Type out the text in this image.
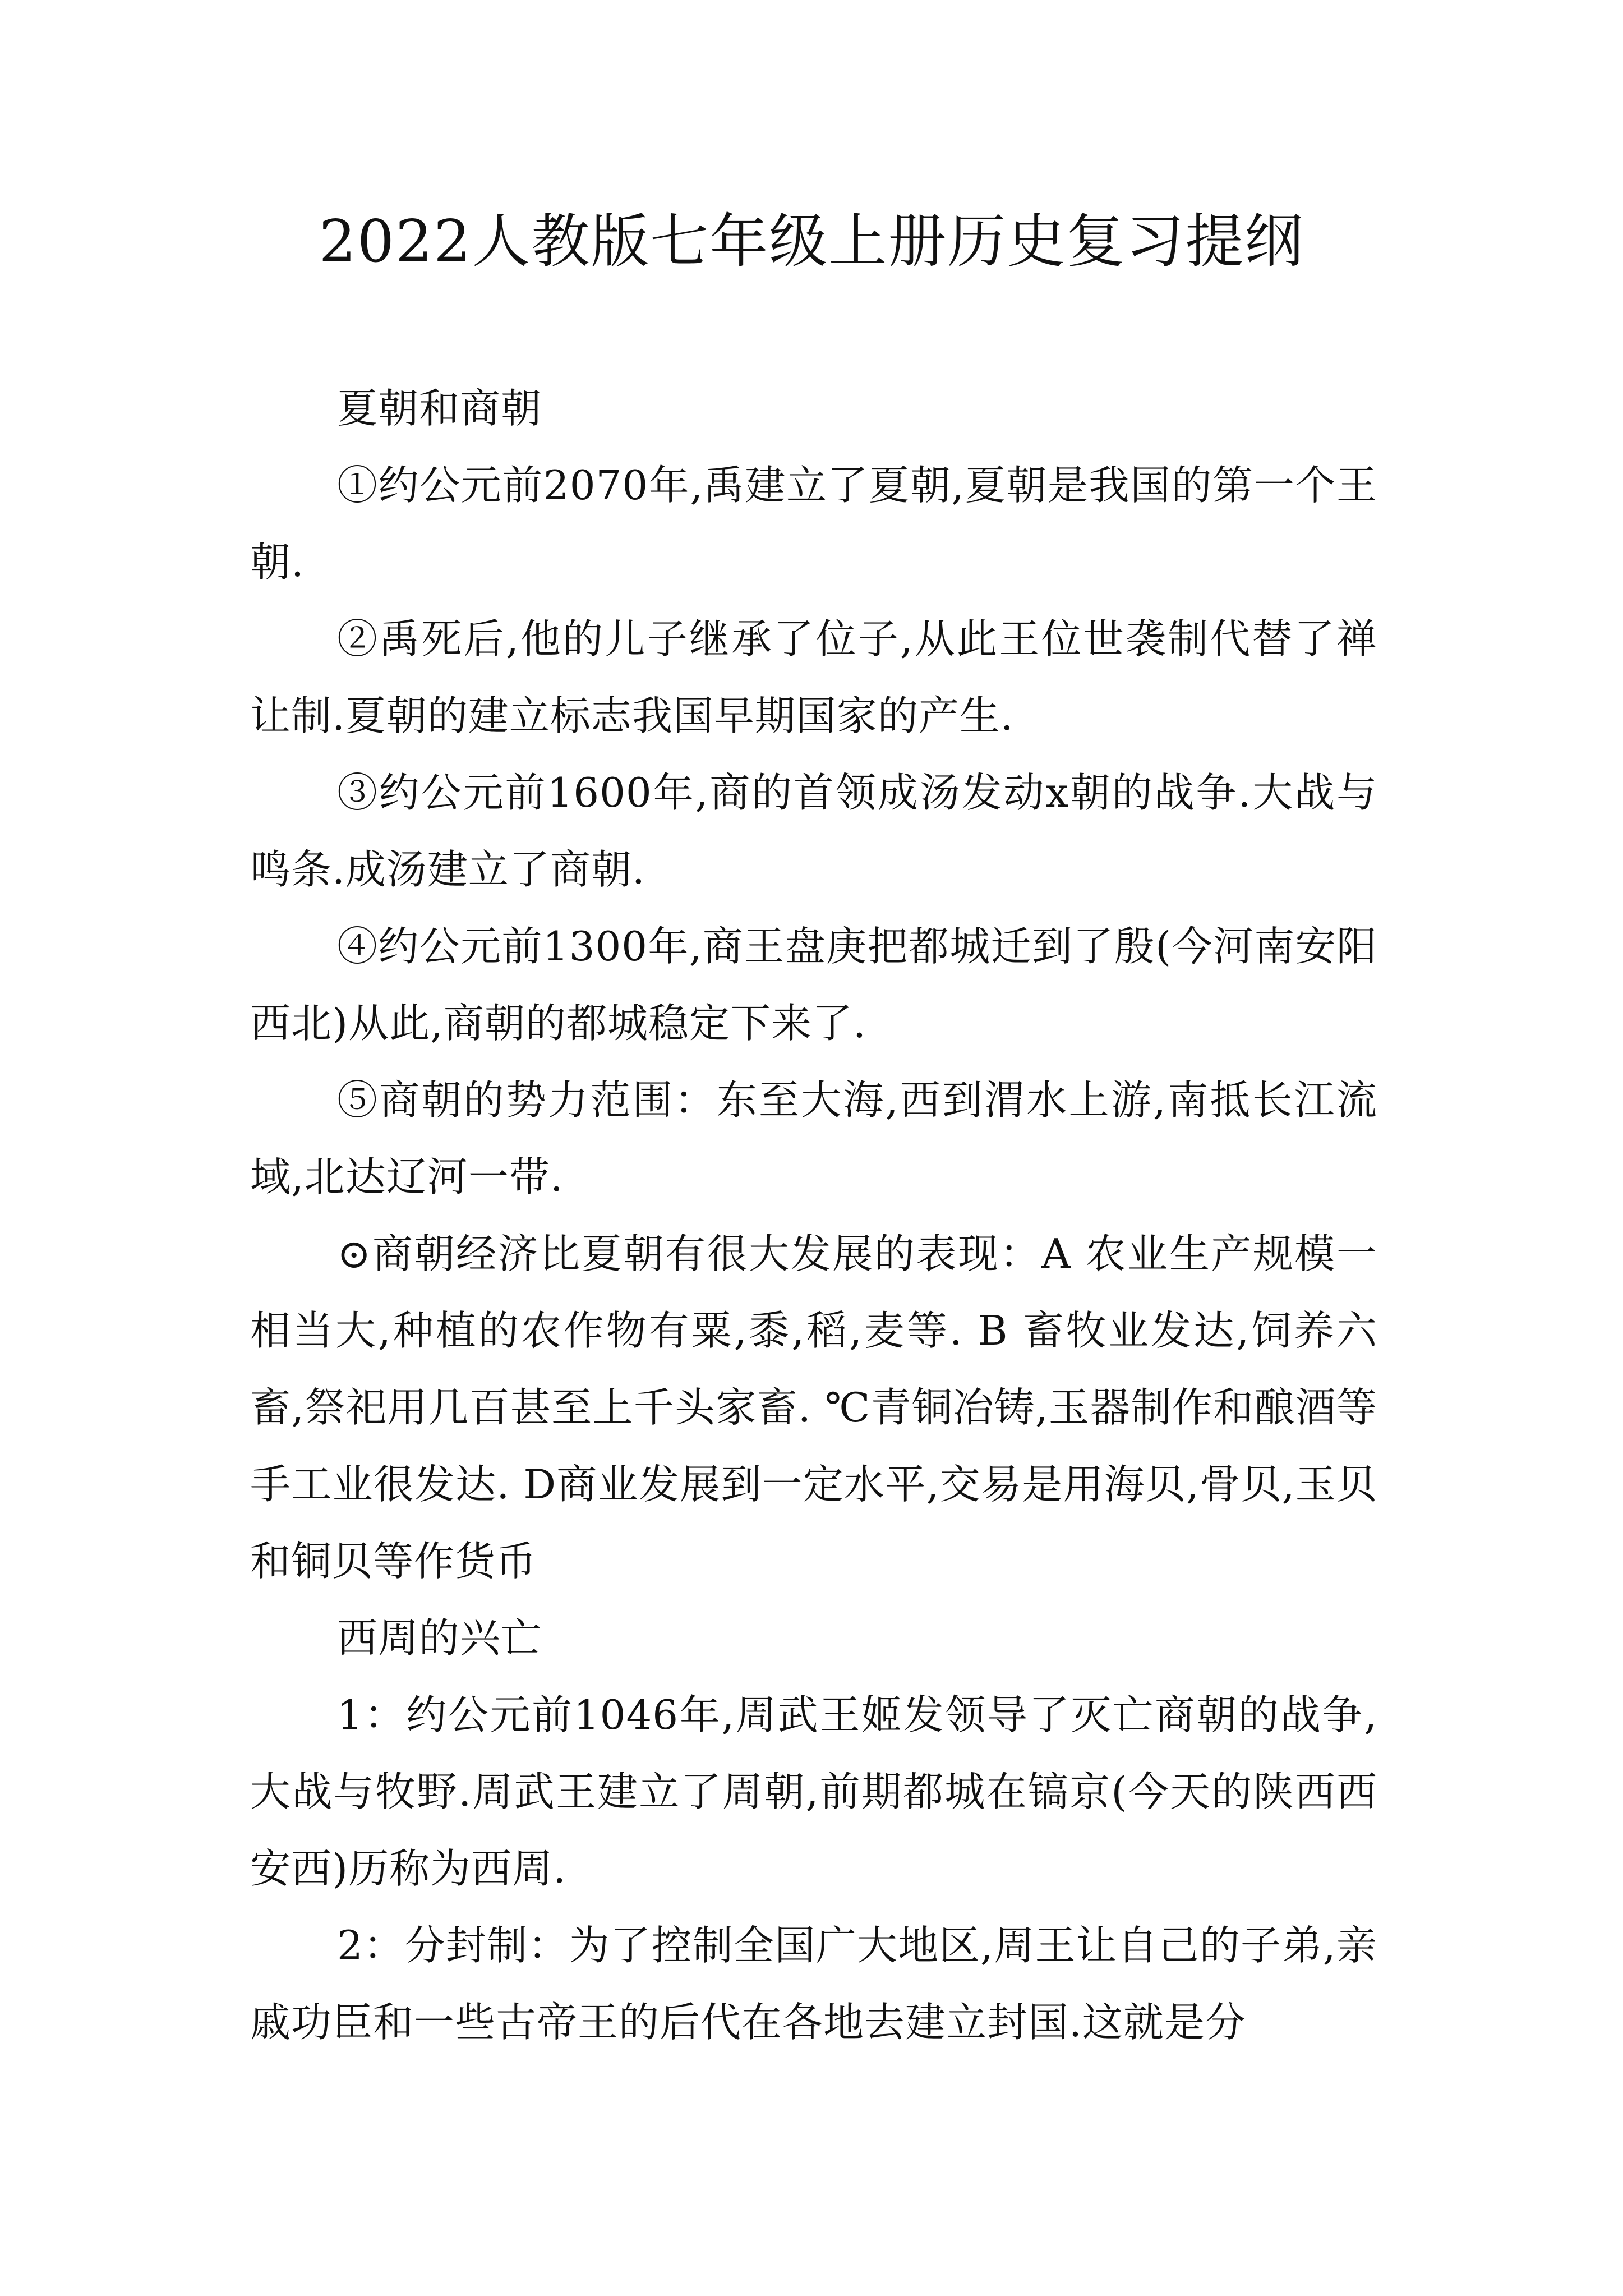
2022人教版七年级上册历史复习提纲

夏朝和商朝

①约公元前2070年,禹建立了夏朝,夏朝是我国的第一个王朝.

②禹死后,他的儿子继承了位子,从此王位世袭制代替了禅让制.夏朝的建立标志我国早期国家的产生.

③约公元前1600年,商的首领成汤发动x朝的战争.大战与鸣条.成汤建立了商朝.

④约公元前1300年,商王盘庚把都城迁到了殷(今河南安阳西北)从此,商朝的都城稳定下来了.

⑤商朝的势力范围：东至大海,西到渭水上游,南抵长江流域,北达辽河一带.

⊙商朝经济比夏朝有很大发展的表现：A 农业生产规模一相当大,种植的农作物有粟,黍,稻,麦等. B 畜牧业发达,饲养六畜,祭祀用几百甚至上千头家畜. ℃青铜冶铸,玉器制作和酿酒等手工业很发达. D商业发展到一定水平,交易是用海贝,骨贝,玉贝和铜贝等作货币

西周的兴亡

1：约公元前1046年,周武王姬发领导了灭亡商朝的战争,大战与牧野.周武王建立了周朝,前期都城在镐京(今天的陕西西安西)历称为西周.

2：分封制：为了控制全国广大地区,周王让自己的子弟,亲戚功臣和一些古帝王的后代在各地去建立封国.这就是分
